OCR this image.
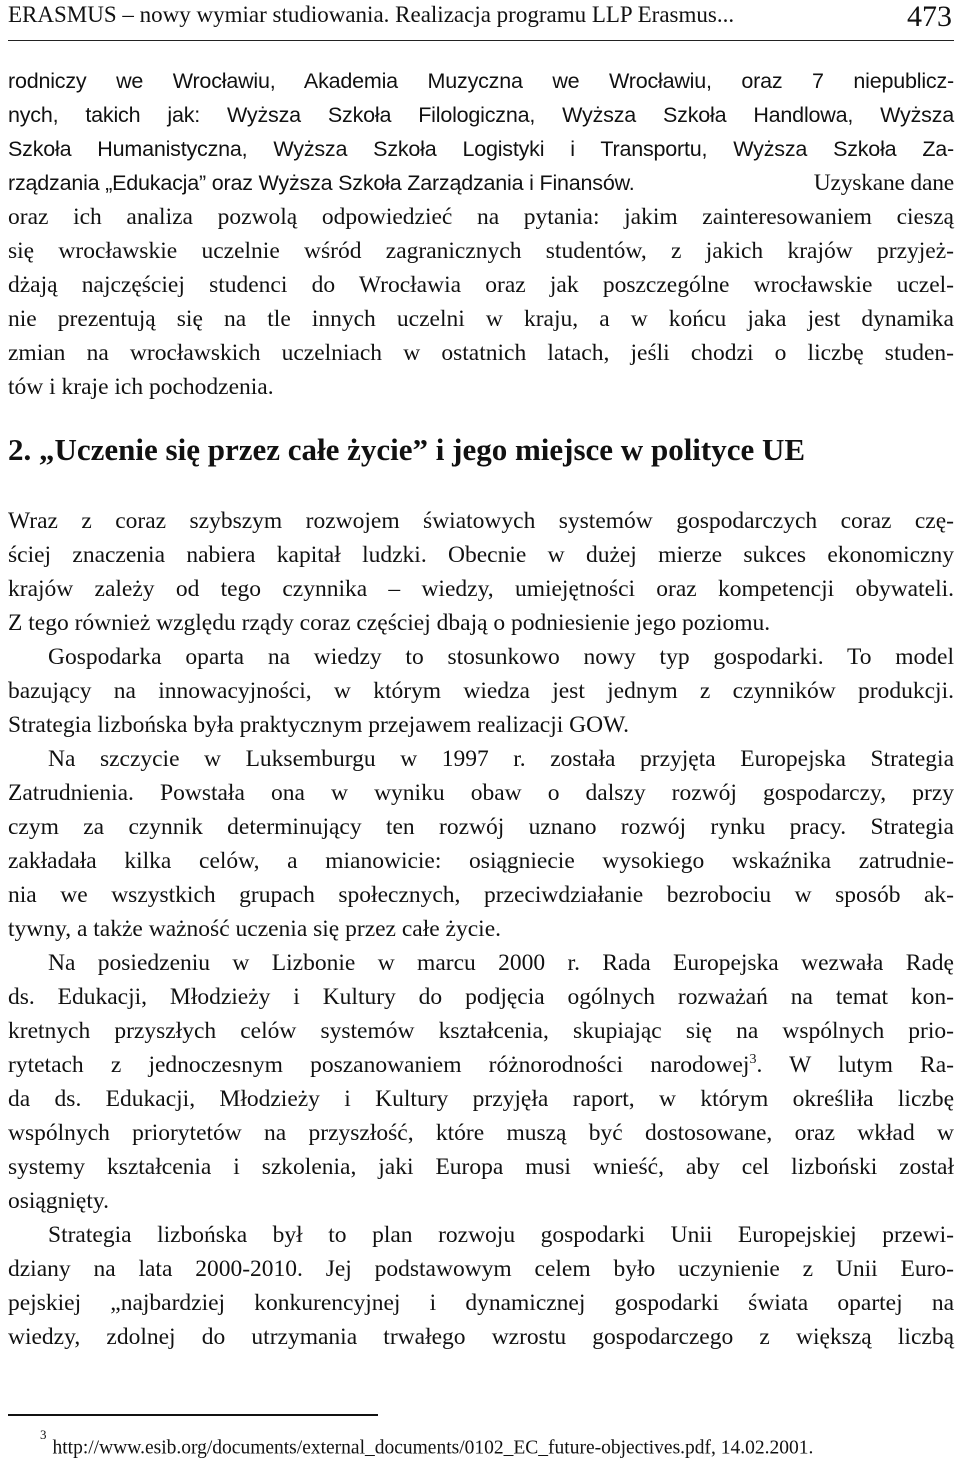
ERASMUS – nowy wymiar studiowania. Realizacja programu LLP Erasmus...	473
rodniczy we Wrocławiu, Akademia Muzyczna we Wrocławiu, oraz 7 niepublicz-
nych, takich jak: Wyższa Szkoła Filologiczna, Wyższa Szkoła Handlowa, Wyższa
Szkoła Humanistyczna, Wyższa Szkoła Logistyki i Transportu, Wyższa Szkoła Za-
rządzania „Edukacja” oraz Wyższa Szkoła Zarządzania i Finansów.	Uzyskane dane
oraz ich analiza pozwolą odpowiedzieć na pytania: jakim zainteresowaniem cieszą
się wrocławskie uczelnie wśród zagranicznych studentów, z jakich krajów przyjeż-
dżają najczęściej studenci do Wrocławia oraz jak poszczególne wrocławskie uczel-
nie prezentują się na tle innych uczelni w kraju, a w końcu jaka jest dynamika
zmian na wrocławskich uczelniach w ostatnich latach, jeśli chodzi o liczbę studen-
tów i kraje ich pochodzenia.
2. „Uczenie się przez całe życie” i jego miejsce w polityce UE
Wraz z coraz szybszym rozwojem światowych systemów gospodarczych coraz czę-
ściej znaczenia nabiera kapitał ludzki. Obecnie w dużej mierze sukces ekonomiczny
krajów zależy od tego czynnika – wiedzy, umiejętności oraz kompetencji obywateli.
Z tego również względu rządy coraz częściej dbają o podniesienie jego poziomu.
Gospodarka oparta na wiedzy to stosunkowo nowy typ gospodarki. To model
bazujący na innowacyjności, w którym wiedza jest jednym z czynników produkcji.
Strategia lizbońska była praktycznym przejawem realizacji GOW.
Na szczycie w Luksemburgu w 1997 r. została przyjęta Europejska Strategia
Zatrudnienia. Powstała ona w wyniku obaw o dalszy rozwój gospodarczy, przy
czym za czynnik determinujący ten rozwój uznano rozwój rynku pracy. Strategia
zakładała kilka celów, a mianowicie: osiągniecie wysokiego wskaźnika zatrudnie-
nia we wszystkich grupach społecznych, przeciwdziałanie bezrobociu w sposób ak-
tywny, a także ważność uczenia się przez całe życie.
Na posiedzeniu w Lizbonie w marcu 2000 r. Rada Europejska wezwała Radę
ds. Edukacji, Młodzieży i Kultury do podjęcia ogólnych rozważań na temat kon-
kretnych przyszłych celów systemów kształcenia, skupiając się na wspólnych prio-
rytetach z jednoczesnym poszanowaniem różnorodności narodowej$^3$. W lutym Ra-
da ds. Edukacji, Młodzieży i Kultury przyjęła raport, w którym określiła liczbę
wspólnych priorytetów na przyszłość, które muszą być dostosowane, oraz wkład w
systemy kształcenia i szkolenia, jaki Europa musi wnieść, aby cel lizboński został
osiągnięty.
Strategia lizbońska był to plan rozwoju gospodarki Unii Europejskiej przewi-
dziany na lata 2000-2010. Jej podstawowym celem było uczynienie z Unii Euro-
pejskiej „najbardziej konkurencyjnej i dynamicznej gospodarki świata opartej na
wiedzy, zdolnej do utrzymania trwałego wzrostu gospodarczego z większą liczbą
$^3$http://www.esib.org/documents/external_documents/0102_EC_future-objectives.pdf, 14.02.2001.
